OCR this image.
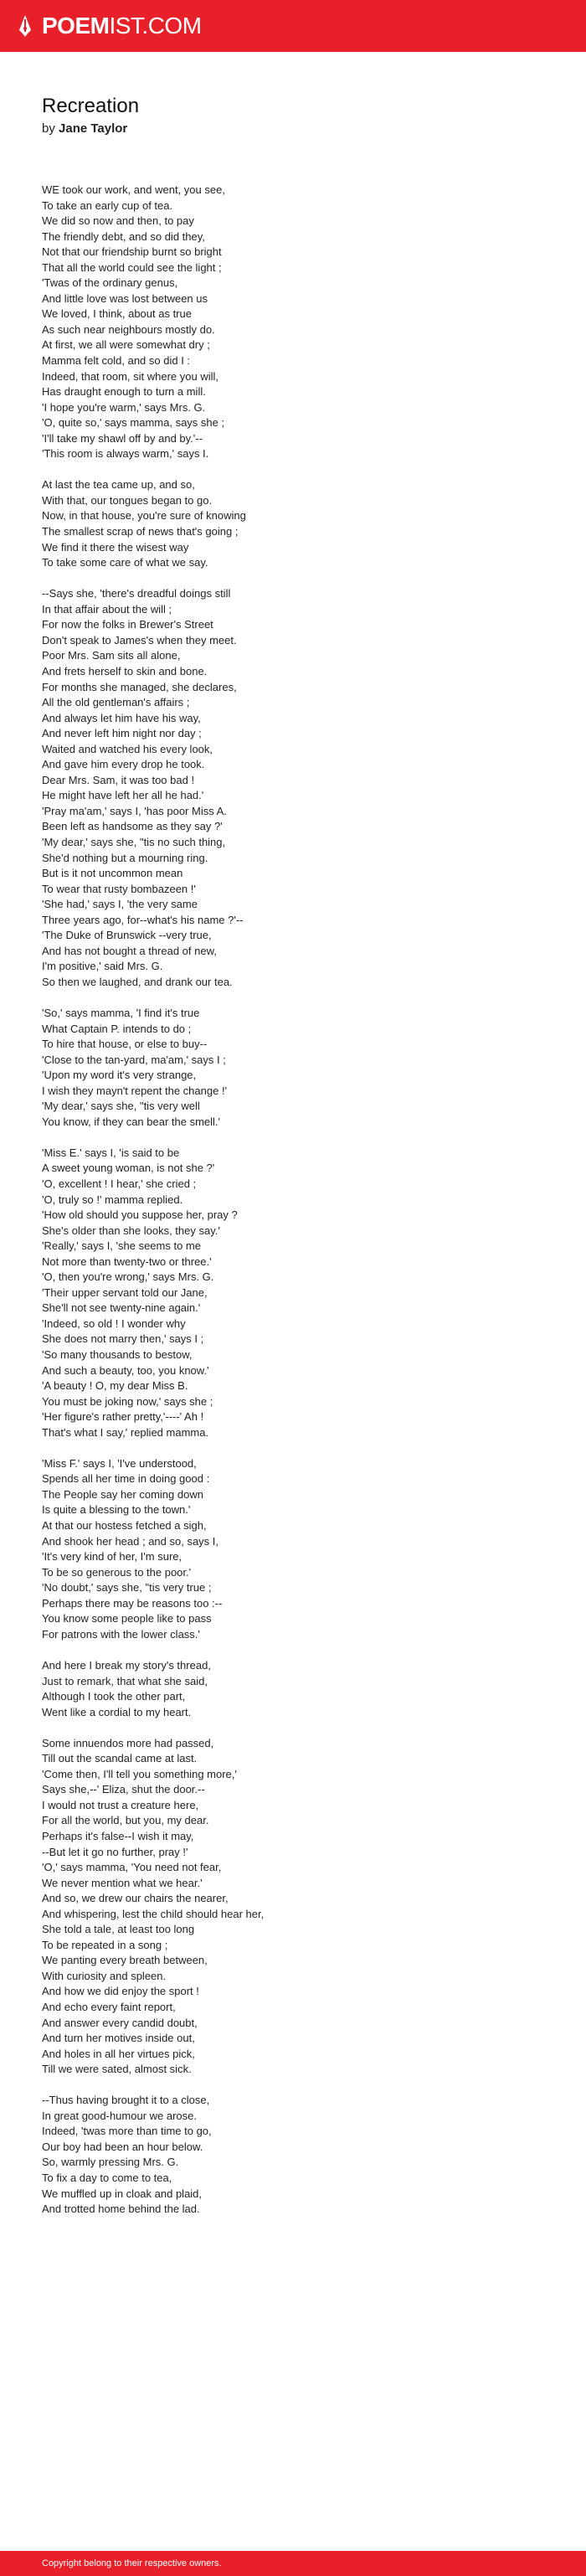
POEMIST.COM
Recreation
by Jane Taylor
WE took our work, and went, you see,
To take an early cup of tea.
We did so now and then, to pay
The friendly debt, and so did they,
Not that our friendship burnt so bright
That all the world could see the light ;
'Twas of the ordinary genus,
And little love was lost between us
We loved, I think, about as true
As such near neighbours mostly do.
At first, we all were somewhat dry ;
Mamma felt cold, and so did I :
Indeed, that room, sit where you will,
Has draught enough to turn a mill.
'I hope you're warm,' says Mrs. G.
'O, quite so,' says mamma, says she ;
'I'll take my shawl off by and by.'--
'This room is always warm,' says I.
At last the tea came up, and so,
With that, our tongues began to go.
Now, in that house, you're sure of knowing
The smallest scrap of news that's going ;
We find it there the wisest way
To take some care of what we say.
--Says she, 'there's dreadful doings still
In that affair about the will ;
For now the folks in Brewer's Street
Don't speak to James's when they meet.
Poor Mrs. Sam sits all alone,
And frets herself to skin and bone.
For months she managed, she declares,
All the old gentleman's affairs ;
And always let him have his way,
And never left him night nor day ;
Waited and watched his every look,
And gave him every drop he took.
Dear Mrs. Sam, it was too bad !
He might have left her all he had.'
'Pray ma'am,' says I, 'has poor Miss A.
Been left as handsome as they say ?'
'My dear,' says she, "tis no such thing,
She'd nothing but a mourning ring.
But is it not uncommon mean
To wear that rusty bombazeen !'
'She had,' says I, 'the very same
Three years ago, for--what's his name ?'--
'The Duke of Brunswick --very true,
And has not bought a thread of new,
I'm positive,' said Mrs. G.
So then we laughed, and drank our tea.
'So,' says mamma, 'I find it's true
What Captain P. intends to do ;
To hire that house, or else to buy--
'Close to the tan-yard, ma'am,' says I ;
'Upon my word it's very strange,
I wish they mayn't repent the change !'
'My dear,' says she, "tis very well
You know, if they can bear the smell.'
'Miss E.' says I, 'is said to be
A sweet young woman, is not she ?'
'O, excellent ! I hear,' she cried ;
'O, truly so !' mamma replied.
'How old should you suppose her, pray ?
She's older than she looks, they say.'
'Really,' says I, 'she seems to me
Not more than twenty-two or three.'
'O, then you're wrong,' says Mrs. G.
'Their upper servant told our Jane,
She'll not see twenty-nine again.'
'Indeed, so old ! I wonder why
She does not marry then,' says I ;
'So many thousands to bestow,
And such a beauty, too, you know.'
'A beauty ! O, my dear Miss B.
You must be joking now,' says she ;
'Her figure's rather pretty,'----' Ah !
That's what I say,' replied mamma.
'Miss F.' says I, 'I've understood,
Spends all her time in doing good :
The People say her coming down
Is quite a blessing to the town.'
At that our hostess fetched a sigh,
And shook her head ; and so, says I,
'It's very kind of her, I'm sure,
To be so generous to the poor.'
'No doubt,' says she, "tis very true ;
Perhaps there may be reasons too :--
You know some people like to pass
For patrons with the lower class.'
And here I break my story's thread,
Just to remark, that what she said,
Although I took the other part,
Went like a cordial to my heart.
Some innuendos more had passed,
Till out the scandal came at last.
'Come then, I'll tell you something more,'
Says she,--' Eliza, shut the door.--
I would not trust a creature here,
For all the world, but you, my dear.
Perhaps it's false--I wish it may,
--But let it go no further, pray !'
'O,' says mamma, 'You need not fear,
We never mention what we hear.'
And so, we drew our chairs the nearer,
And whispering, lest the child should hear her,
She told a tale, at least too long
To be repeated in a song ;
We panting every breath between,
With curiosity and spleen.
And how we did enjoy the sport !
And echo every faint report,
And answer every candid doubt,
And turn her motives inside out,
And holes in all her virtues pick,
Till we were sated, almost sick.
--Thus having brought it to a close,
In great good-humour we arose.
Indeed, 'twas more than time to go,
Our boy had been an hour below.
So, warmly pressing Mrs. G.
To fix a day to come to tea,
We muffled up in cloak and plaid,
And trotted home behind the lad.
Copyright belong to their respective owners.
